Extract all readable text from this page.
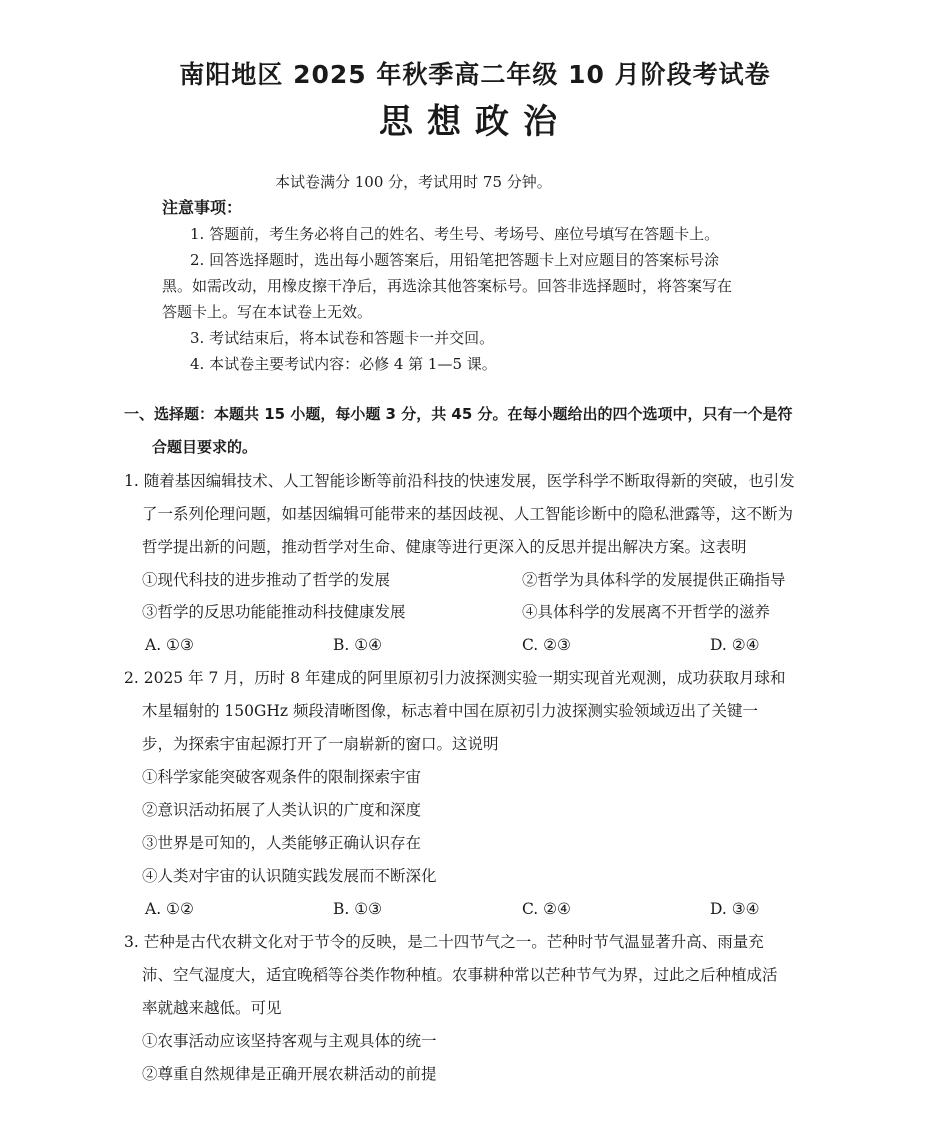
南阳地区 2025 年秋季高二年级 10 月阶段考试卷
思想政治
本试卷满分 100 分，考试用时 75 分钟。
注意事项：
1. 答题前，考生务必将自己的姓名、考生号、考场号、座位号填写在答题卡上。
2. 回答选择题时，选出每小题答案后，用铅笔把答题卡上对应题目的答案标号涂
黑。如需改动，用橡皮擦干净后，再选涂其他答案标号。回答非选择题时，将答案写在
答题卡上。写在本试卷上无效。
3. 考试结束后，将本试卷和答题卡一并交回。
4. 本试卷主要考试内容：必修 4 第 1—5 课。
一、选择题：本题共 15 小题，每小题 3 分，共 45 分。在每小题给出的四个选项中，只有一个是符
合题目要求的。
1. 随着基因编辑技术、人工智能诊断等前沿科技的快速发展，医学科学不断取得新的突破，也引发
了一系列伦理问题，如基因编辑可能带来的基因歧视、人工智能诊断中的隐私泄露等，这不断为
哲学提出新的问题，推动哲学对生命、健康等进行更深入的反思并提出解决方案。这表明
①现代科技的进步推动了哲学的发展	②哲学为具体科学的发展提供正确指导
③哲学的反思功能能推动科技健康发展	④具体科学的发展离不开哲学的滋养
A. ①③	B. ①④	C. ②③	D. ②④
2. 2025 年 7 月，历时 8 年建成的阿里原初引力波探测实验一期实现首光观测，成功获取月球和
木星辐射的 150GHz 频段清晰图像，标志着中国在原初引力波探测实验领域迈出了关键一
步，为探索宇宙起源打开了一扇崭新的窗口。这说明
①科学家能突破客观条件的限制探索宇宙
②意识活动拓展了人类认识的广度和深度
③世界是可知的，人类能够正确认识存在
④人类对宇宙的认识随实践发展而不断深化
A. ①②	B. ①③	C. ②④	D. ③④
3. 芒种是古代农耕文化对于节令的反映，是二十四节气之一。芒种时节气温显著升高、雨量充
沛、空气湿度大，适宜晚稻等谷类作物种植。农事耕种常以芒种节气为界，过此之后种植成活
率就越来越低。可见
①农事活动应该坚持客观与主观具体的统一
②尊重自然规律是正确开展农耕活动的前提
